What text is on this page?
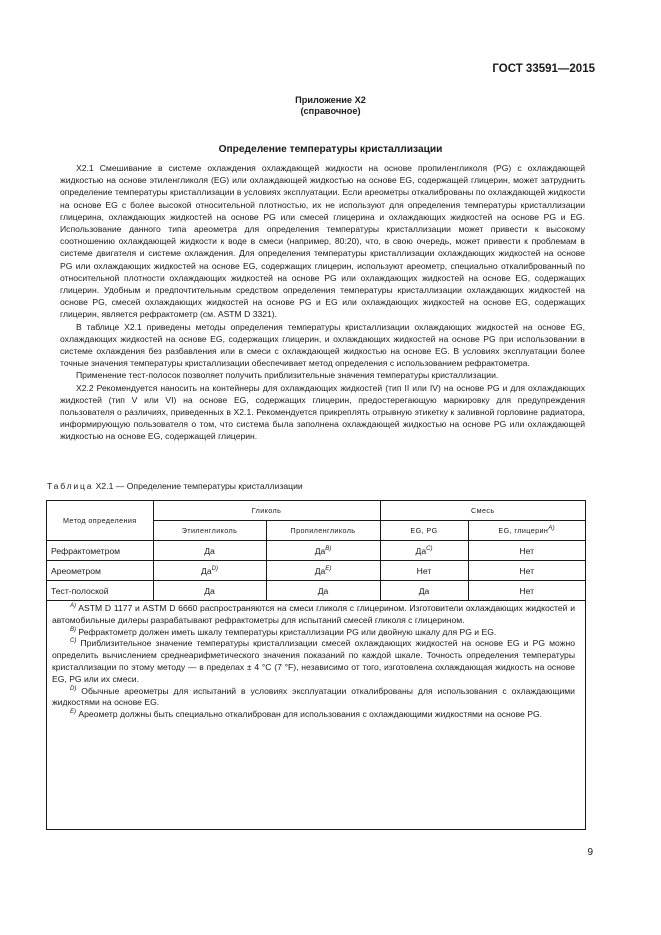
ГОСТ 33591—2015
Приложение Х2
(справочное)
Определение температуры кристаллизации

Х2.1 Смешивание в системе охлаждения охлаждающей жидкости на основе пропиленгликоля (PG) с охлаждающей жидкостью на основе этиленгликоля (EG) или охлаждающей жидкостью на основе EG, содержащей глицерин, может затруднить определение температуры кристаллизации в условиях эксплуатации. Если ареометры откалиброваны по охлаждающей жидкости на основе EG с более высокой относительной плотностью, их не используют для определения температуры кристаллизации глицерина, охлаждающих жидкостей на основе PG или смесей глицерина и охлаждающих жидкостей на основе PG и EG. Использование данного типа ареометра для определения температуры кристаллизации может привести к высокому соотношению охлаждающей жидкости к воде в смеси (например, 80:20), что, в свою очередь, может привести к проблемам в системе двигателя и системе охлаждения. Для определения температуры кристаллизации охлаждающих жидкостей на основе PG или охлаждающих жидкостей на основе EG, содержащих глицерин, используют ареометр, специально откалиброванный по относительной плотности охлаждающих жидкостей на основе PG или охлаждающих жидкостей на основе EG, содержащих глицерин. Удобным и предпочтительным средством определения температуры кристаллизации охлаждающих жидкостей на основе PG, смесей охлаждающих жидкостей на основе PG и EG или охлаждающих жидкостей на основе EG, содержащих глицерин, является рефрактометр (см. ASTM D 3321).

В таблице Х2.1 приведены методы определения температуры кристаллизации охлаждающих жидкостей на основе EG, охлаждающих жидкостей на основе EG, содержащих глицерин, и охлаждающих жидкостей на основе PG при использовании в системе охлаждения без разбавления или в смеси с охлаждающей жидкостью на основе EG. В условиях эксплуатации более точные значения температуры кристаллизации обеспечивает метод определения с использованием рефрактометра.

Применение тест-полосок позволяет получить приблизительные значения температуры кристаллизации.

Х2.2 Рекомендуется наносить на контейнеры для охлаждающих жидкостей (тип II или IV) на основе PG и для охлаждающих жидкостей (тип V или VI) на основе EG, содержащих глицерин, предостерегающую маркировку для предупреждения пользователя о различиях, приведенных в Х2.1. Рекомендуется прикреплять отрывную этикетку к заливной горловине радиатора, информирующую пользователя о том, что система была заполнена охлаждающей жидкостью на основе PG или охлаждающей жидкостью на основе EG, содержащей глицерин.

Таблица Х2.1 — Определение температуры кристаллизации
Метод определения	Гликоль		Смесь	
	Этиленгликоль	Пропиленгликоль	EG, PG	EG, глицерин$^{A)}$
Рефрактометром	Да	$Да^{B)}$	$Да^{C)}$	Нет
Ареометром	$Да^{D)}$	$Да^{E)}$	Нет	Нет
Тест-полоской	Да	Да	Да	Нет

$^{A)}$ ASTM D 1177 и ASTM D 6660 распространяются на смеси гликоля с глицерином. Изготовители охлаждающих жидкостей и автомобильные дилеры разрабатывают рефрактометры для испытаний смесей гликоля с глицерином.

$^{B)}$ Рефрактометр должен иметь шкалу температуры кристаллизации PG или двойную шкалу для PG и EG.

$^{C)}$ Приблизительное значение температуры кристаллизации смесей охлаждающих жидкостей на основе EG и PG можно определить вычислением среднеарифметического значения показаний по каждой шкале. Точность определения температуры кристаллизации по этому методу — в пределах ± 4 °C (7 °F), независимо от того, изготовлена охлаждающая жидкость на основе EG, PG или их смеси.

$^{D)}$ Обычные ареометры для испытаний в условиях эксплуатации откалиброваны для использования с охлаждающими жидкостями на основе EG.

$^{E)}$ Ареометр должны быть специально откалиброван для использования с охлаждающими жидкостями на основе PG.

9
